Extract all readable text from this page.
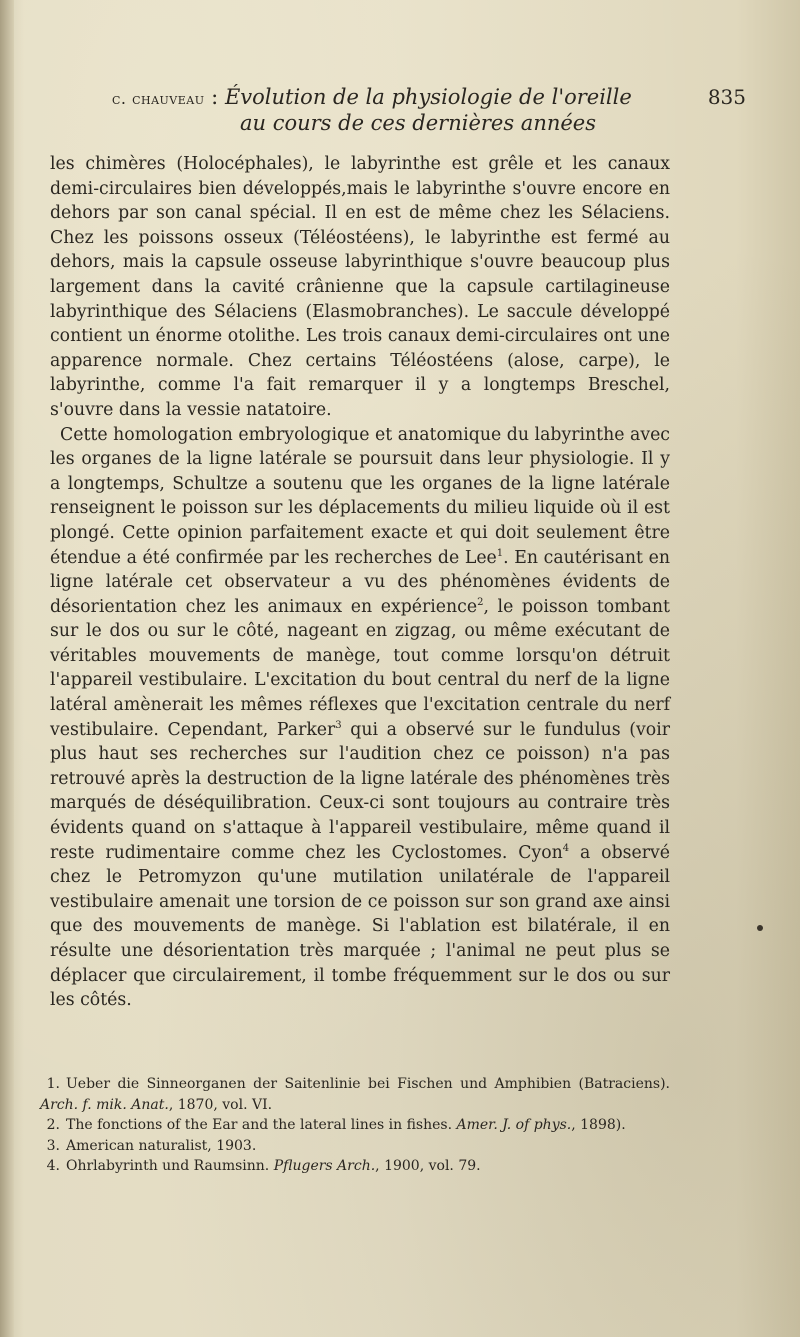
c. chauveau : Évolution de la physiologie de l'oreille	835
au cours de ces dernières années

les chimères (Holocéphales), le labyrinthe est grêle et les canaux demi-circulaires bien développés,mais le labyrinthe s'ouvre encore en dehors par son canal spécial. Il en est de même chez les Sélaciens. Chez les poissons osseux (Téléostéens), le labyrinthe est fermé au dehors, mais la capsule osseuse labyrinthique s'ouvre beaucoup plus largement dans la cavité crânienne que la capsule cartilagineuse labyrinthique des Sélaciens (Elasmobranches). Le saccule développé contient un énorme otolithe. Les trois canaux demi-circulaires ont une apparence normale. Chez certains Téléostéens (alose, carpe), le labyrinthe, comme l'a fait remarquer il y a longtemps Breschel, s'ouvre dans la vessie natatoire.

Cette homologation embryologique et anatomique du labyrinthe avec les organes de la ligne latérale se poursuit dans leur physiologie. Il y a longtemps, Schultze a soutenu que les organes de la ligne latérale renseignent le poisson sur les déplacements du milieu liquide où il est plongé. Cette opinion parfaitement exacte et qui doit seulement être étendue a été confirmée par les recherches de Lee$^1$. En cautérisant en ligne latérale cet observateur a vu des phénomènes évidents de désorientation chez les animaux en expérience$^2$, le poisson tombant sur le dos ou sur le côté, nageant en zigzag, ou même exécutant de véritables mouvements de manège, tout comme lorsqu'on détruit l'appareil vestibulaire. L'excitation du bout central du nerf de la ligne latéral amènerait les mêmes réflexes que l'excitation centrale du nerf vestibulaire. Cependant, Parker$^3$ qui a observé sur le fundulus (voir plus haut ses recherches sur l'audition chez ce poisson) n'a pas retrouvé après la destruction de la ligne latérale des phénomènes très marqués de déséquilibration. Ceux-ci sont toujours au contraire très évidents quand on s'attaque à l'appareil vestibulaire, même quand il reste rudimentaire comme chez les Cyclostomes. Cyon$^4$ a observé chez le Petromyzon qu'une mutilation unilatérale de l'appareil vestibulaire amenait une torsion de ce poisson sur son grand axe ainsi que des mouvements de manège. Si l'ablation est bilatérale, il en résulte une désorientation très marquée ; l'animal ne peut plus se déplacer que circulairement, il tombe fréquemment sur le dos ou sur les côtés.

1. Ueber die Sinneorganen der Saitenlinie bei Fischen und Amphibien (Batraciens). Arch. f. mik. Anat., 1870, vol. VI.
2. The fonctions of the Ear and the lateral lines in fishes. Amer. J. of phys., 1898).
3. American naturalist, 1903.
4. Ohrlabyrinth und Raumsinn. Pflugers Arch., 1900, vol. 79.
